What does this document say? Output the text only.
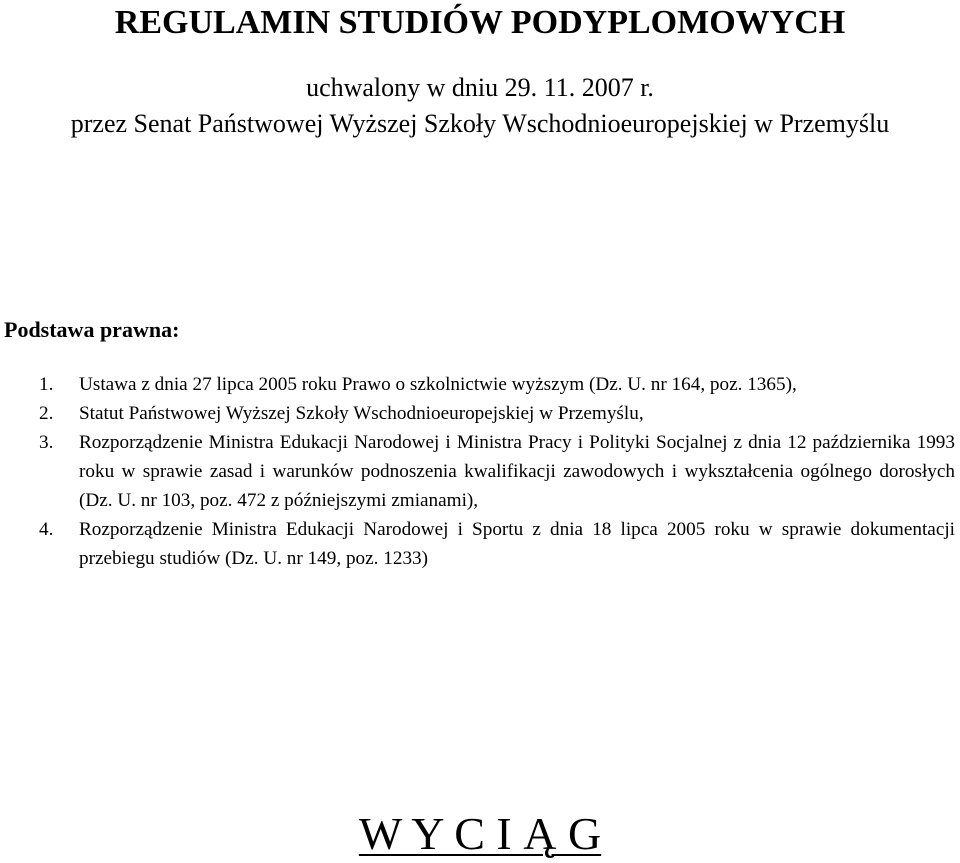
REGULAMIN STUDIÓW PODYPLOMOWYCH
uchwalony w dniu 29. 11. 2007 r.
przez Senat Państwowej Wyższej Szkoły Wschodnioeuropejskiej w Przemyślu
Podstawa prawna:
1. Ustawa z dnia 27 lipca 2005 roku Prawo o szkolnictwie wyższym (Dz. U. nr 164, poz. 1365),
2. Statut Państwowej Wyższej Szkoły Wschodnioeuropejskiej w Przemyślu,
3. Rozporządzenie Ministra Edukacji Narodowej i Ministra Pracy i Polityki Socjalnej z dnia 12 października 1993 roku w sprawie zasad i warunków podnoszenia kwalifikacji zawodowych i wykształcenia ogólnego dorosłych (Dz. U. nr 103, poz. 472 z późniejszymi zmianami),
4. Rozporządzenie Ministra Edukacji Narodowej i Sportu z dnia 18 lipca 2005 roku w sprawie dokumentacji przebiegu studiów (Dz. U. nr 149, poz. 1233)
W Y C I Ą G
